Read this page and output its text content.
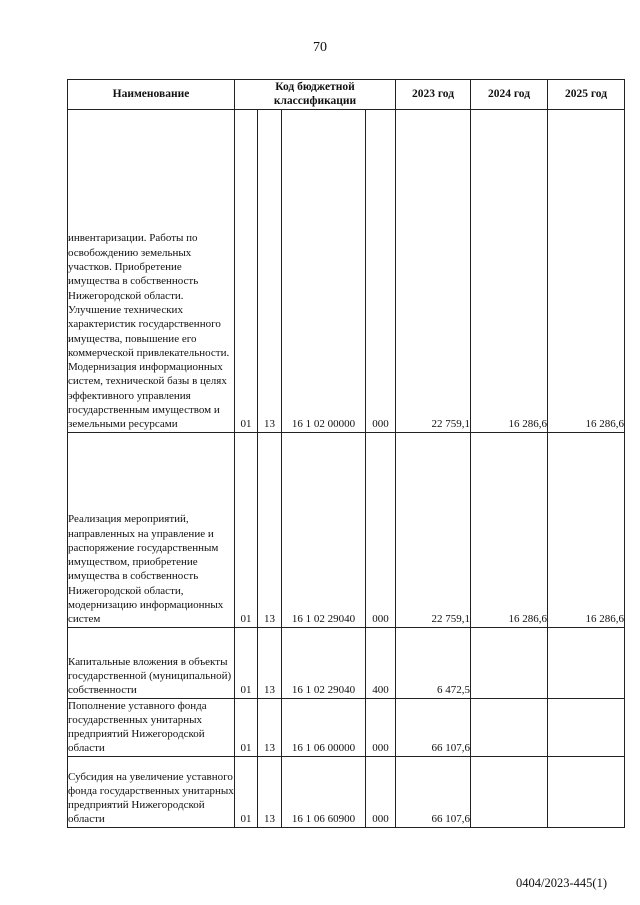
70
Наименование	Код бюджетной классификации				2023 год	2024 год	2025 год
инвентаризации. Работы по освобождению земельных участков. Приобретение имущества в собственность Нижегородской области. Улучшение технических характеристик государственного имущества, повышение его коммерческой привлекательности. Модернизация информационных систем, технической базы в целях эффективного управления государственным имуществом и земельными ресурсами	01	13	16 1 02 00000	000	22 759,1	16 286,6	16 286,6
Реализация мероприятий, направленных на управление и распоряжение государственным имуществом, приобретение имущества в собственность Нижегородской области, модернизацию информационных систем	01	13	16 1 02 29040	000	22 759,1	16 286,6	16 286,6
Капитальные вложения в объекты государственной (муниципальной) собственности	01	13	16 1 02 29040	400	6 472,5		
Пополнение уставного фонда государственных унитарных предприятий Нижегородской области	01	13	16 1 06 00000	000	66 107,6		
Субсидия на увеличение уставного фонда государственных унитарных предприятий Нижегородской области	01	13	16 1 06 60900	000	66 107,6		
0404/2023-445(1)
